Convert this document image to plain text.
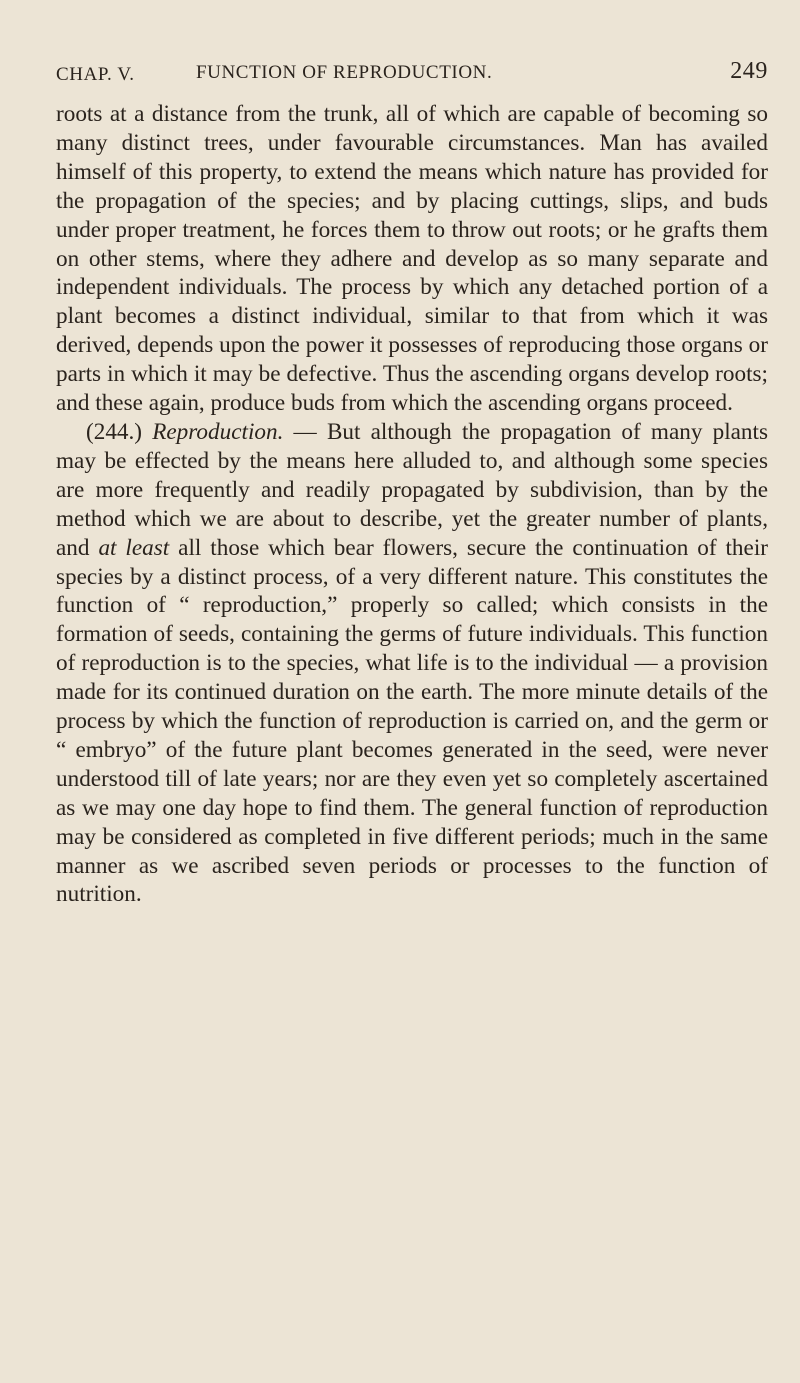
CHAP. V.	FUNCTION OF REPRODUCTION.	249

roots at a distance from the trunk, all of which are capable of becoming so many distinct trees, under favourable circumstances. Man has availed himself of this property, to extend the means which nature has provided for the propagation of the species; and by placing cuttings, slips, and buds under proper treatment, he forces them to throw out roots; or he grafts them on other stems, where they adhere and develop as so many separate and independent individuals. The process by which any detached portion of a plant becomes a distinct individual, similar to that from which it was derived, depends upon the power it possesses of reproducing those organs or parts in which it may be defective. Thus the ascending organs develop roots; and these again, produce buds from which the ascending organs proceed.

(244.) Reproduction. — But although the propagation of many plants may be effected by the means here alluded to, and although some species are more frequently and readily propagated by subdivision, than by the method which we are about to describe, yet the greater number of plants, and at least all those which bear flowers, secure the continuation of their species by a distinct process, of a very different nature. This constitutes the function of “ reproduction,” properly so called; which consists in the formation of seeds, containing the germs of future individuals. This function of reproduction is to the species, what life is to the individual — a provision made for its continued duration on the earth. The more minute details of the process by which the function of reproduction is carried on, and the germ or “ embryo” of the future plant becomes generated in the seed, were never understood till of late years; nor are they even yet so completely ascertained as we may one day hope to find them. The general function of reproduction may be considered as completed in five different periods; much in the same manner as we ascribed seven periods or processes to the function of nutrition.
